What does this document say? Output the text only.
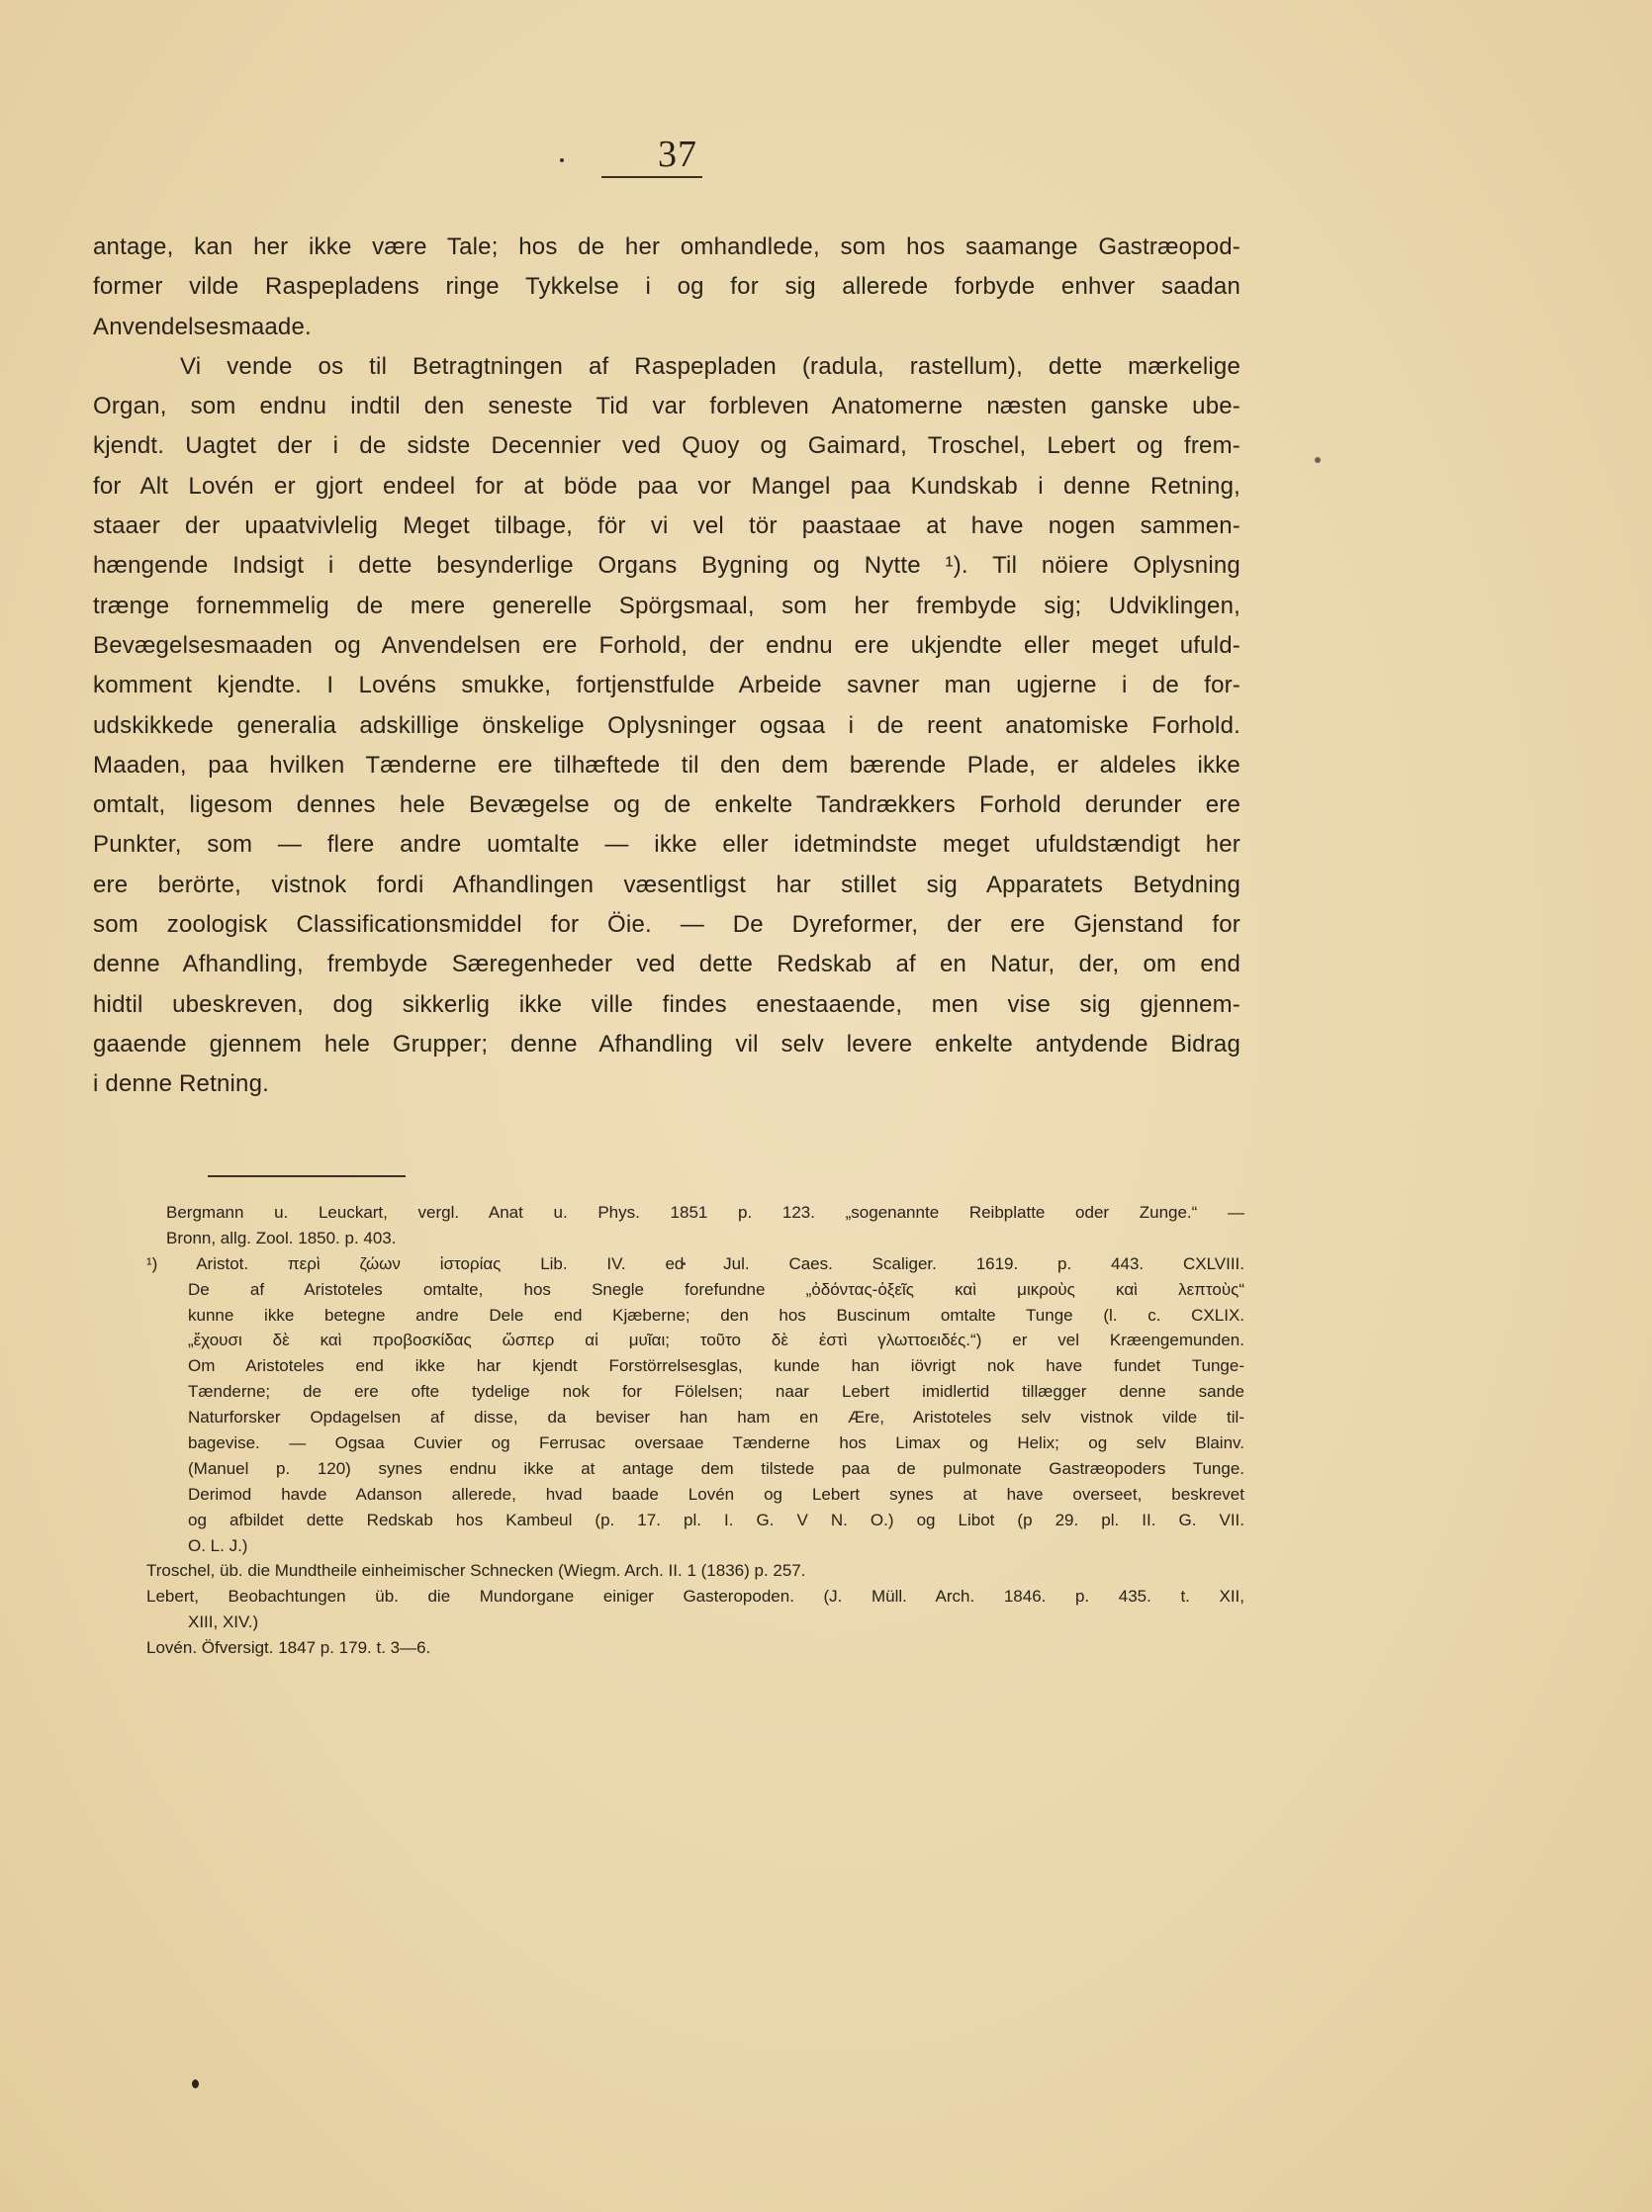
37
antage, kan her ikke være Tale; hos de her omhandlede, som hos saamange Gastræopod-
former vilde Raspepladens ringe Tykkelse i og for sig allerede forbyde enhver saadan
Anvendelsesmaade.
Vi vende os til Betragtningen af Raspepladen (radula, rastellum), dette mærkelige
Organ, som endnu indtil den seneste Tid var forbleven Anatomerne næsten ganske ube-
kjendt. Uagtet der i de sidste Decennier ved Quoy og Gaimard, Troschel, Lebert og frem-
for Alt Lovén er gjort endeel for at böde paa vor Mangel paa Kundskab i denne Retning,
staaer der upaatvivlelig Meget tilbage, för vi vel tör paastaae at have nogen sammen-
hængende Indsigt i dette besynderlige Organs Bygning og Nytte ¹). Til nöiere Oplysning
trænge fornemmelig de mere generelle Spörgsmaal, som her frembyde sig; Udviklingen,
Bevægelsesmaaden og Anvendelsen ere Forhold, der endnu ere ukjendte eller meget ufuld-
komment kjendte. I Lovéns smukke, fortjenstfulde Arbeide savner man ugjerne i de for-
udskikkede generalia adskillige önskelige Oplysninger ogsaa i de reent anatomiske Forhold.
Maaden, paa hvilken Tænderne ere tilhæftede til den dem bærende Plade, er aldeles ikke
omtalt, ligesom dennes hele Bevægelse og de enkelte Tandrækkers Forhold derunder ere
Punkter, som — flere andre uomtalte — ikke eller idetmindste meget ufuldstændigt her
ere berörte, vistnok fordi Afhandlingen væsentligst har stillet sig Apparatets Betydning
som zoologisk Classificationsmiddel for Öie. — De Dyreformer, der ere Gjenstand for
denne Afhandling, frembyde Særegenheder ved dette Redskab af en Natur, der, om end
hidtil ubeskreven, dog sikkerlig ikke ville findes enestaaende, men vise sig gjennem-
gaaende gjennem hele Grupper; denne Afhandling vil selv levere enkelte antydende Bidrag
i denne Retning.
Bergmann u. Leuckart, vergl. Anat u. Phys. 1851 p. 123. „sogenannte Reibplatte oder Zunge.“ —
Bronn, allg. Zool. 1850. p. 403.
¹) Aristot. περὶ ζώων ἱστορίας Lib. IV. ed Jul. Caes. Scaliger. 1619. p. 443. CXLVIII.
De af Aristoteles omtalte, hos Snegle forefundne „ὀδόντας-ὀξεῖς καὶ μικροὺς καὶ λεπτοὺς“
kunne ikke betegne andre Dele end Kjæberne; den hos Buscinum omtalte Tunge (l. c. CXLIX.
„ἔχουσι δὲ καὶ προβοσκίδας ὥσπερ αἱ μυῖαι; τοῦτο δὲ ἐστὶ γλωττοειδές.“) er vel Kræengemunden.
Om Aristoteles end ikke har kjendt Forstörrelsesglas, kunde han iövrigt nok have fundet Tunge-
Tænderne; de ere ofte tydelige nok for Fölelsen; naar Lebert imidlertid tillægger denne sande
Naturforsker Opdagelsen af disse, da beviser han ham en Ære, Aristoteles selv vistnok vilde til-
bagevise. — Ogsaa Cuvier og Ferrusac oversaae Tænderne hos Limax og Helix; og selv Blainv.
(Manuel p. 120) synes endnu ikke at antage dem tilstede paa de pulmonate Gastræopoders Tunge.
Derimod havde Adanson allerede, hvad baade Lovén og Lebert synes at have overseet, beskrevet
og afbildet dette Redskab hos Kambeul (p. 17. pl. I. G. V N. O.) og Libot (p 29. pl. II. G. VII.
O. L. J.)
Troschel, üb. die Mundtheile einheimischer Schnecken (Wiegm. Arch. II. 1 (1836) p. 257.
Lebert, Beobachtungen üb. die Mundorgane einiger Gasteropoden. (J. Müll. Arch. 1846. p. 435. t. XII,
XIII, XIV.)
Lovén. Öfversigt. 1847 p. 179. t. 3—6.
